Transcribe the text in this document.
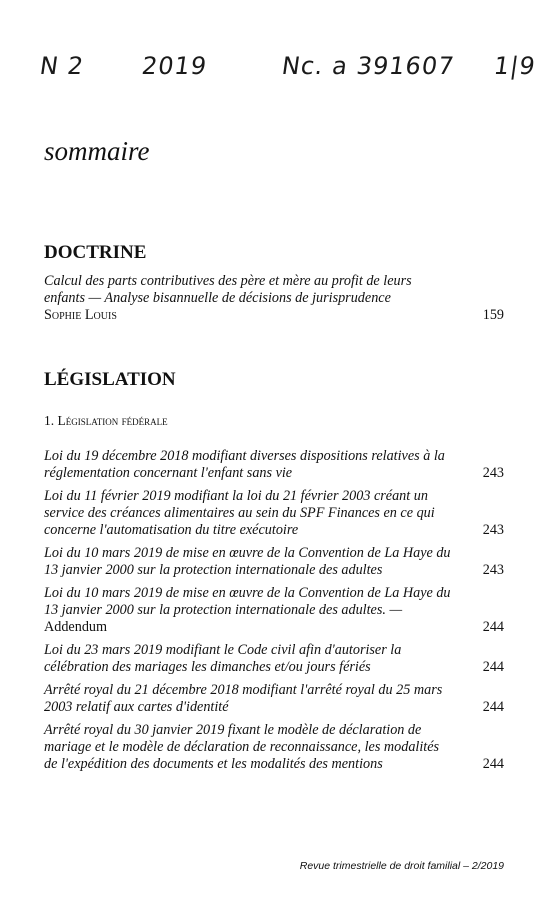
N 2 2019	Nc. a 391607 1|9
sommaire
DOCTRINE
Calcul des parts contributives des père et mère au profit de leurs enfants — Analyse bisannuelle de décisions de jurisprudence
Sophie Louis	159
LÉGISLATION
1. Législation fédérale
Loi du 19 décembre 2018 modifiant diverses dispositions relatives à la réglementation concernant l'enfant sans vie	243
Loi du 11 février 2019 modifiant la loi du 21 février 2003 créant un service des créances alimentaires au sein du SPF Finances en ce qui concerne l'automatisation du titre exécutoire	243
Loi du 10 mars 2019 de mise en œuvre de la Convention de La Haye du 13 janvier 2000 sur la protection internationale des adultes	243
Loi du 10 mars 2019 de mise en œuvre de la Convention de La Haye du 13 janvier 2000 sur la protection internationale des adultes. —
Addendum	244
Loi du 23 mars 2019 modifiant le Code civil afin d'autoriser la célébration des mariages les dimanches et/ou jours fériés	244
Arrêté royal du 21 décembre 2018 modifiant l'arrêté royal du 25 mars 2003 relatif aux cartes d'identité	244
Arrêté royal du 30 janvier 2019 fixant le modèle de déclaration de mariage et le modèle de déclaration de reconnaissance, les modalités de l'expédition des documents et les modalités des mentions	244
Revue trimestrielle de droit familial – 2/2019
